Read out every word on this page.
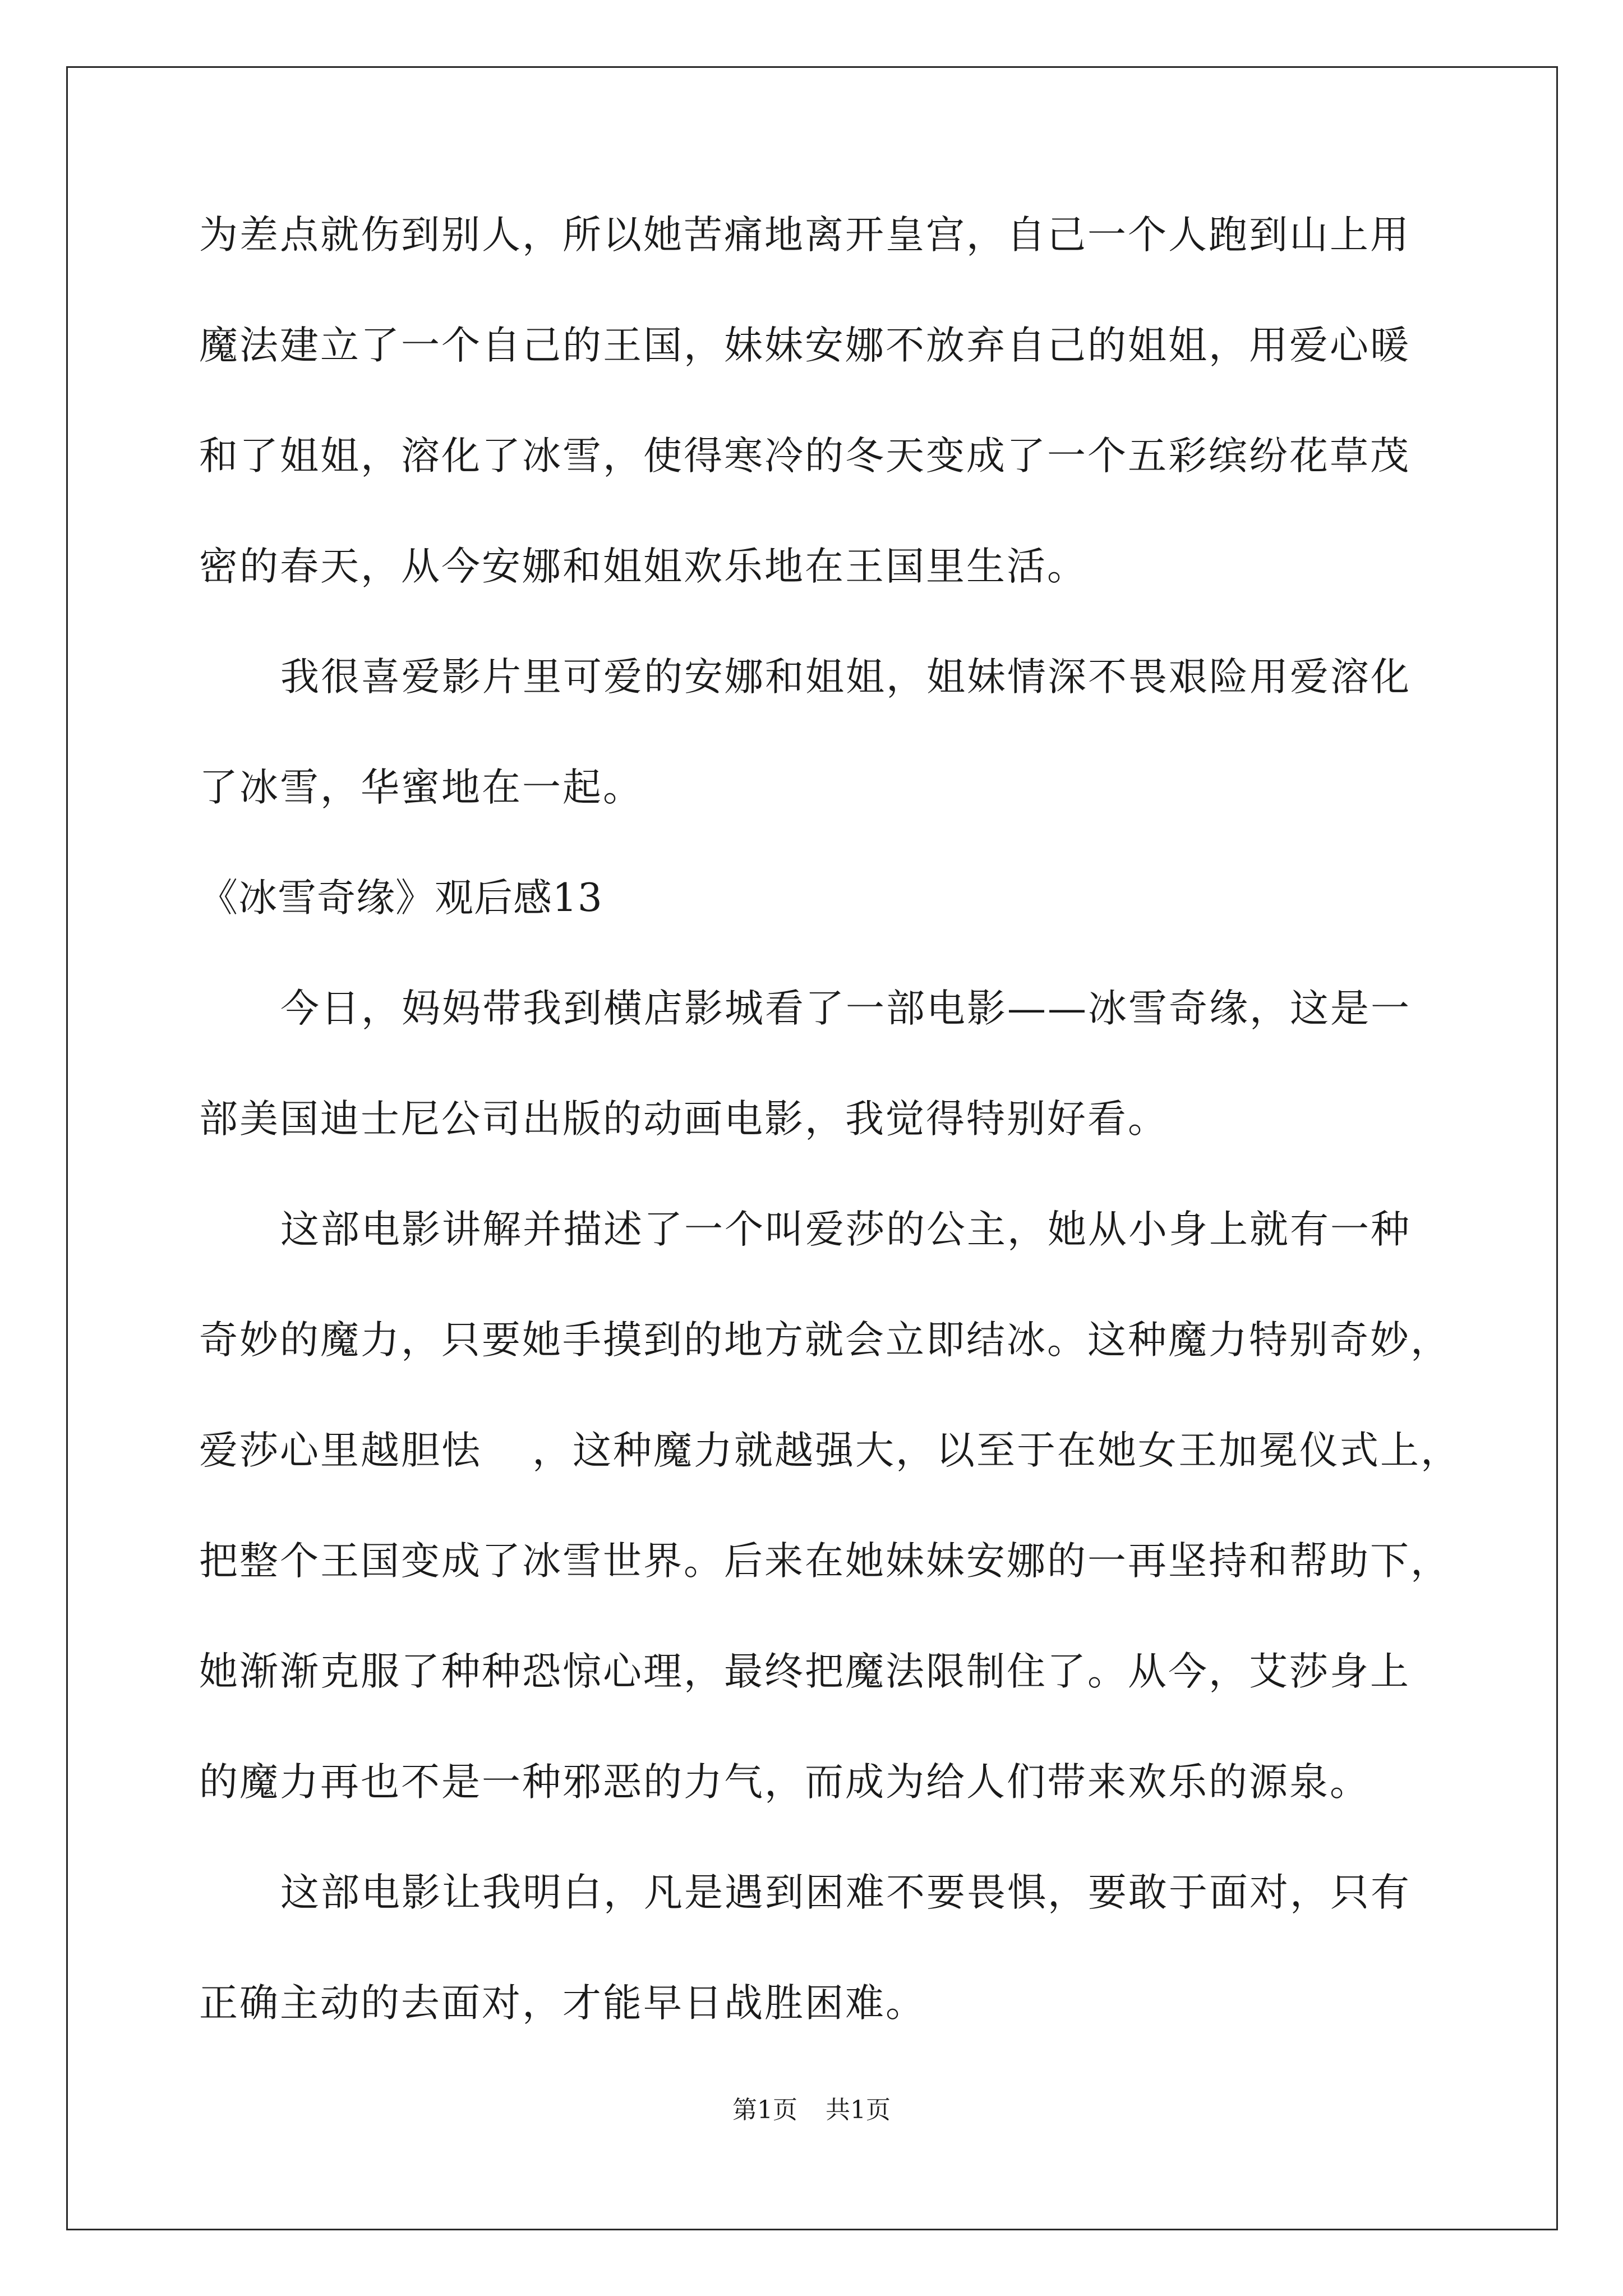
为差点就伤到别人，所以她苦痛地离开皇宫，自己一个人跑到山上用
魔法建立了一个自己的王国，妹妹安娜不放弃自己的姐姐，用爱心暖
和了姐姐，溶化了冰雪，使得寒冷的冬天变成了一个五彩缤纷花草茂
密的春天，从今安娜和姐姐欢乐地在王国里生活。
我很喜爱影片里可爱的安娜和姐姐，姐妹情深不畏艰险用爱溶化
了冰雪，华蜜地在一起。
《冰雪奇缘》观后感13
今日，妈妈带我到横店影城看了一部电影——冰雪奇缘，这是一
部美国迪士尼公司出版的动画电影，我觉得特别好看。
这部电影讲解并描述了一个叫爱莎的公主，她从小身上就有一种
奇妙的魔力，只要她手摸到的地方就会立即结冰。这种魔力特别奇妙，
爱莎心里越胆怯 ，这种魔力就越强大，以至于在她女王加冕仪式上，
把整个王国变成了冰雪世界。后来在她妹妹安娜的一再坚持和帮助下，
她渐渐克服了种种恐惊心理，最终把魔法限制住了。从今，艾莎身上
的魔力再也不是一种邪恶的力气，而成为给人们带来欢乐的源泉。
这部电影让我明白，凡是遇到困难不要畏惧，要敢于面对，只有
正确主动的去面对，才能早日战胜困难。
第1页 共1页
